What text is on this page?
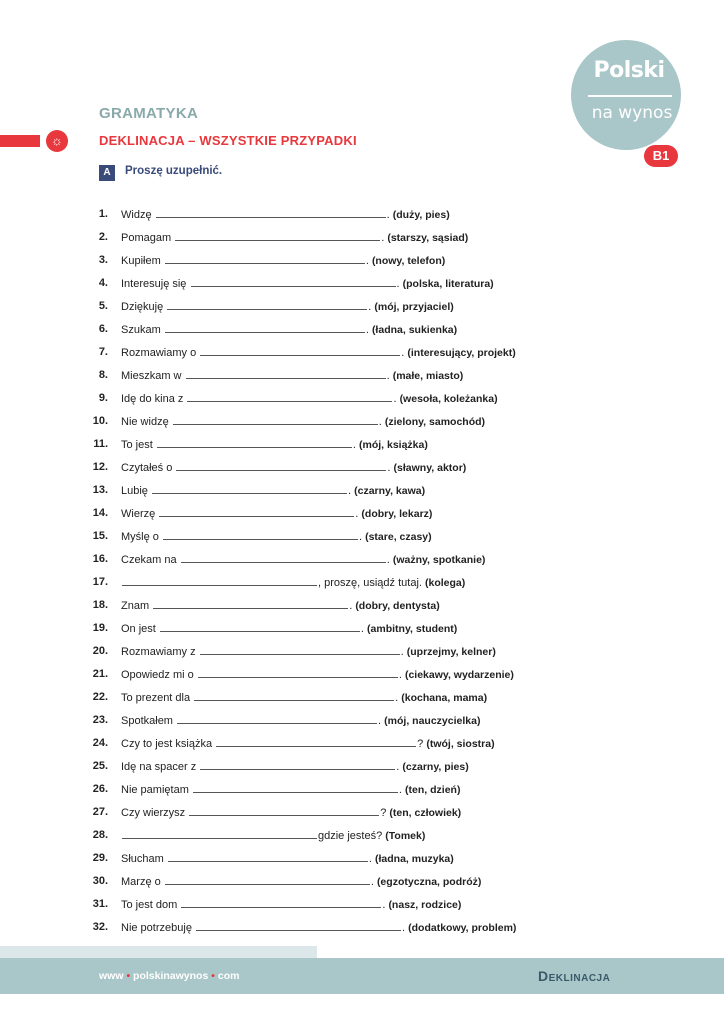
Polski
na wynos
B1
GRAMATYKA
☼	DEKLINACJA – WSZYSTKIE PRZYPADKI
A	Proszę uzupełnić.
1. Widzę	. (duży, pies)
2. Pomagam	. (starszy, sąsiad)
3. Kupiłem	. (nowy, telefon)
4. Interesuję się	. (polska, literatura)
5. Dziękuję	. (mój, przyjaciel)
6. Szukam	. (ładna, sukienka)
7. Rozmawiamy o	. (interesujący, projekt)
8. Mieszkam w	. (małe, miasto)
9. Idę do kina z	. (wesoła, koleżanka)
10. Nie widzę	. (zielony, samochód)
11. To jest	. (mój, książka)
12. Czytałeś o	. (sławny, aktor)
13. Lubię	. (czarny, kawa)
14. Wierzę	. (dobry, lekarz)
15. Myślę o	. (stare, czasy)
16. Czekam na	. (ważny, spotkanie)
17.	, proszę, usiądź tutaj. (kolega)
18. Znam	. (dobry, dentysta)
19. On jest	. (ambitny, student)
20. Rozmawiamy z	. (uprzejmy, kelner)
21. Opowiedz mi o	. (ciekawy, wydarzenie)
22. To prezent dla	. (kochana, mama)
23. Spotkałem	. (mój, nauczycielka)
24. Czy to jest książka	? (twój, siostra)
25. Idę na spacer z	. (czarny, pies)
26. Nie pamiętam	. (ten, dzień)
27. Czy wierzysz	? (ten, człowiek)
28.	gdzie jesteś? (Tomek)
29. Słucham	. (ładna, muzyka)
30. Marzę o	. (egzotyczna, podróż)
31. To jest dom	. (nasz, rodzice)
32. Nie potrzebuję	. (dodatkowy, problem)
www • polskinawynos • com	Deklinacja
